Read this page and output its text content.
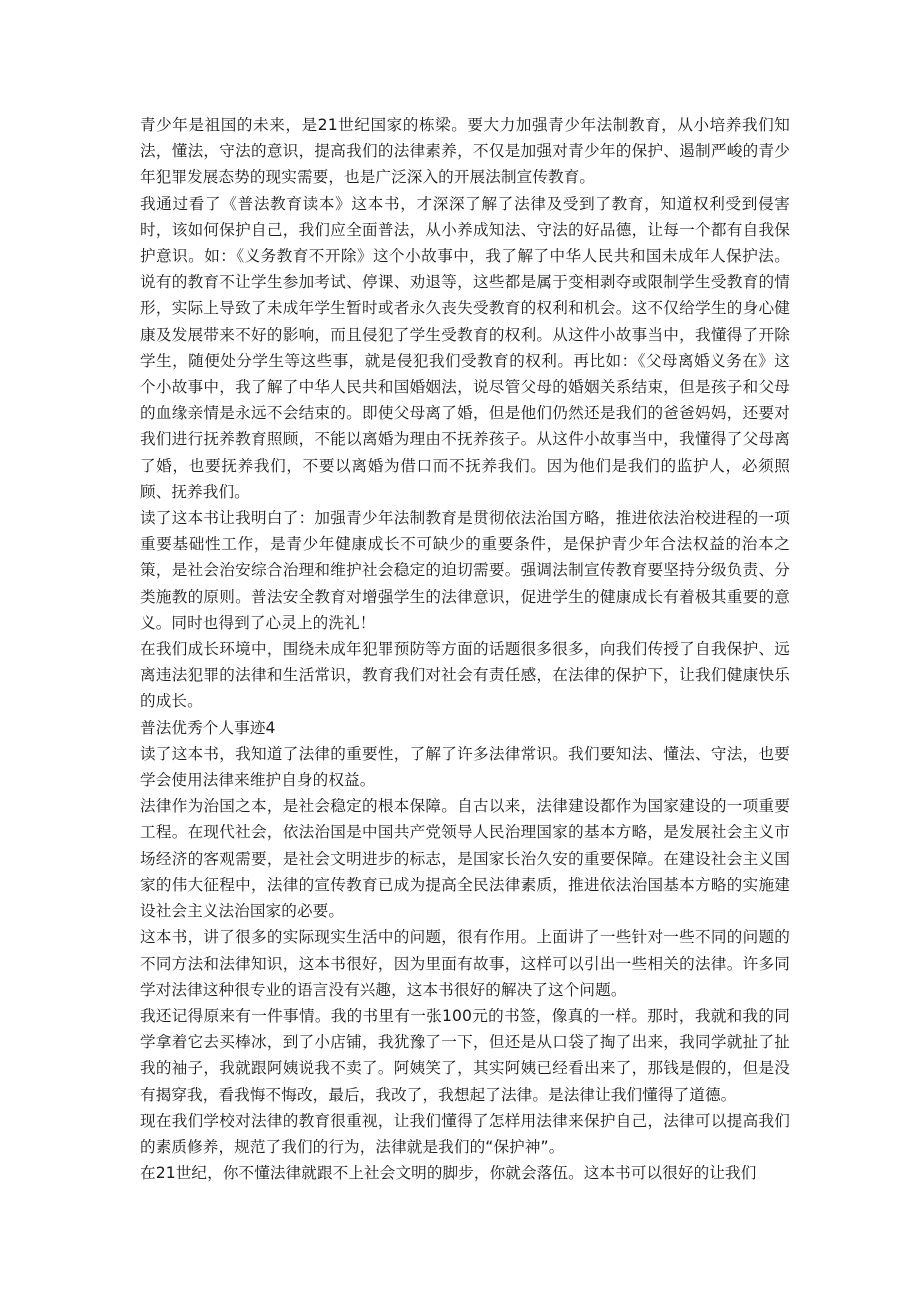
青少年是祖国的未来，是21世纪国家的栋梁。要大力加强青少年法制教育，从小培养我们知法，懂法，守法的意识，提高我们的法律素养，不仅是加强对青少年的保护、遏制严峻的青少年犯罪发展态势的现实需要，也是广泛深入的开展法制宣传教育。

我通过看了《普法教育读本》这本书，才深深了解了法律及受到了教育，知道权利受到侵害时，该如何保护自己，我们应全面普法，从小养成知法、守法的好品德，让每一个都有自我保护意识。如：《义务教育不开除》这个小故事中，我了解了中华人民共和国未成年人保护法。说有的教育不让学生参加考试、停课、劝退等，这些都是属于变相剥夺或限制学生受教育的情形，实际上导致了未成年学生暂时或者永久丧失受教育的权利和机会。这不仅给学生的身心健康及发展带来不好的影响，而且侵犯了学生受教育的权利。从这件小故事当中，我懂得了开除学生，随便处分学生等这些事，就是侵犯我们受教育的权利。再比如：《父母离婚义务在》这个小故事中，我了解了中华人民共和国婚姻法，说尽管父母的婚姻关系结束，但是孩子和父母的血缘亲情是永远不会结束的。即使父母离了婚，但是他们仍然还是我们的爸爸妈妈，还要对我们进行抚养教育照顾，不能以离婚为理由不抚养孩子。从这件小故事当中，我懂得了父母离了婚，也要抚养我们，不要以离婚为借口而不抚养我们。因为他们是我们的监护人，必须照顾、抚养我们。

读了这本书让我明白了：加强青少年法制教育是贯彻依法治国方略，推进依法治校进程的一项重要基础性工作，是青少年健康成长不可缺少的重要条件，是保护青少年合法权益的治本之策，是社会治安综合治理和维护社会稳定的迫切需要。强调法制宣传教育要坚持分级负责、分类施教的原则。普法安全教育对增强学生的法律意识，促进学生的健康成长有着极其重要的意义。同时也得到了心灵上的洗礼！

在我们成长环境中，围绕未成年犯罪预防等方面的话题很多很多，向我们传授了自我保护、远离违法犯罪的法律和生活常识，教育我们对社会有责任感，在法律的保护下，让我们健康快乐的成长。

普法优秀个人事迹4

读了这本书，我知道了法律的重要性，了解了许多法律常识。我们要知法、懂法、守法，也要学会使用法律来维护自身的权益。

法律作为治国之本，是社会稳定的根本保障。自古以来，法律建设都作为国家建设的一项重要工程。在现代社会，依法治国是中国共产党领导人民治理国家的基本方略，是发展社会主义市场经济的客观需要，是社会文明进步的标志，是国家长治久安的重要保障。在建设社会主义国家的伟大征程中，法律的宣传教育已成为提高全民法律素质，推进依法治国基本方略的实施建设社会主义法治国家的必要。

这本书，讲了很多的实际现实生活中的问题，很有作用。上面讲了一些针对一些不同的问题的不同方法和法律知识，这本书很好，因为里面有故事，这样可以引出一些相关的法律。许多同学对法律这种很专业的语言没有兴趣，这本书很好的解决了这个问题。

我还记得原来有一件事情。我的书里有一张100元的书签，像真的一样。那时，我就和我的同学拿着它去买棒冰，到了小店铺，我犹豫了一下，但还是从口袋了掏了出来，我同学就扯了扯我的袖子，我就跟阿姨说我不卖了。阿姨笑了，其实阿姨已经看出来了，那钱是假的，但是没有揭穿我，看我悔不悔改，最后，我改了，我想起了法律。是法律让我们懂得了道德。

现在我们学校对法律的教育很重视，让我们懂得了怎样用法律来保护自己，法律可以提高我们的素质修养，规范了我们的行为，法律就是我们的“保护神”。

在21世纪，你不懂法律就跟不上社会文明的脚步，你就会落伍。这本书可以很好的让我们
